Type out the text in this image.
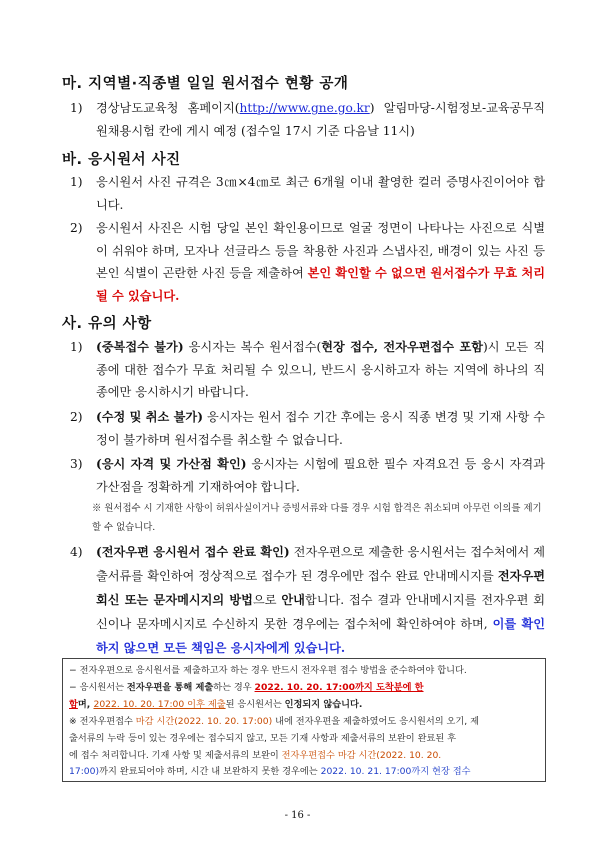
마. 지역별·직종별 일일 원서접수 현황 공개
1) 경상남도교육청 홈페이지(http://www.gne.go.kr) 알림마당-시험정보-교육공무직원채용시험 칸에 게시 예정 (접수일 17시 기준 다음날 11시)
바. 응시원서 사진
1) 응시원서 사진 규격은 3㎝×4㎝로 최근 6개월 이내 촬영한 컬러 증명사진이어야 합니다.
2) 응시원서 사진은 시험 당일 본인 확인용이므로 얼굴 정면이 나타나는 사진으로 식별이 쉬워야 하며, 모자나 선글라스 등을 착용한 사진과 스냅사진, 배경이 있는 사진 등 본인 식별이 곤란한 사진 등을 제출하여 본인 확인할 수 없으면 원서접수가 무효 처리될 수 있습니다.
사. 유의 사항
1) (중복접수 불가) 응시자는 복수 원서접수(현장 접수, 전자우편접수 포함)시 모든 직종에 대한 접수가 무효 처리될 수 있으니, 반드시 응시하고자 하는 지역에 하나의 직종에만 응시하시기 바랍니다.
2) (수정 및 취소 불가) 응시자는 원서 접수 기간 후에는 응시 직종 변경 및 기재 사항 수정이 불가하며 원서접수를 취소할 수 없습니다.
3) (응시 자격 및 가산점 확인) 응시자는 시험에 필요한 필수 자격요건 등 응시 자격과 가산점을 정확하게 기재하여야 합니다.
※ 원서접수 시 기재한 사항이 허위사실이거나 증빙서류와 다를 경우 시험 합격은 취소되며 아무런 이의를 제기할 수 없습니다.
4) (전자우편 응시원서 접수 완료 확인) 전자우편으로 제출한 응시원서는 접수처에서 제출서류를 확인하여 정상적으로 접수가 된 경우에만 접수 완료 안내메시지를 전자우편 회신 또는 문자메시지의 방법으로 안내합니다. 접수 결과 안내메시지를 전자우편 회신이나 문자메시지로 수신하지 못한 경우에는 접수처에 확인하여야 하며, 이를 확인하지 않으면 모든 책임은 응시자에게 있습니다.
− 전자우편으로 응시원서를 제출하고자 하는 경우 반드시 전자우편 접수 방법을 준수하여야 합니다.
− 응시원서는 전자우편을 통해 제출하는 경우 2022. 10. 20. 17:00까지 도착분에 한
함며, 2022. 10. 20. 17:00 이후 제출된 응시원서는 인정되지 않습니다.
※ 전자우편접수 마감 시간(2022. 10. 20. 17:00) 내에 전자우편을 제출하였어도 응시원서의 오기, 제
출서류의 누락 등이 있는 경우에는 접수되지 않고, 모든 기재 사항과 제출서류의 보완이 완료된 후
에 접수 처리합니다. 기재 사항 및 제출서류의 보완이 전자우편접수 마감 시간(2022. 10. 20.
17:00)까지 완료되어야 하며, 시간 내 보완하지 못한 경우에는 2022. 10. 21. 17:00까지 현장 접수
- 16 -
